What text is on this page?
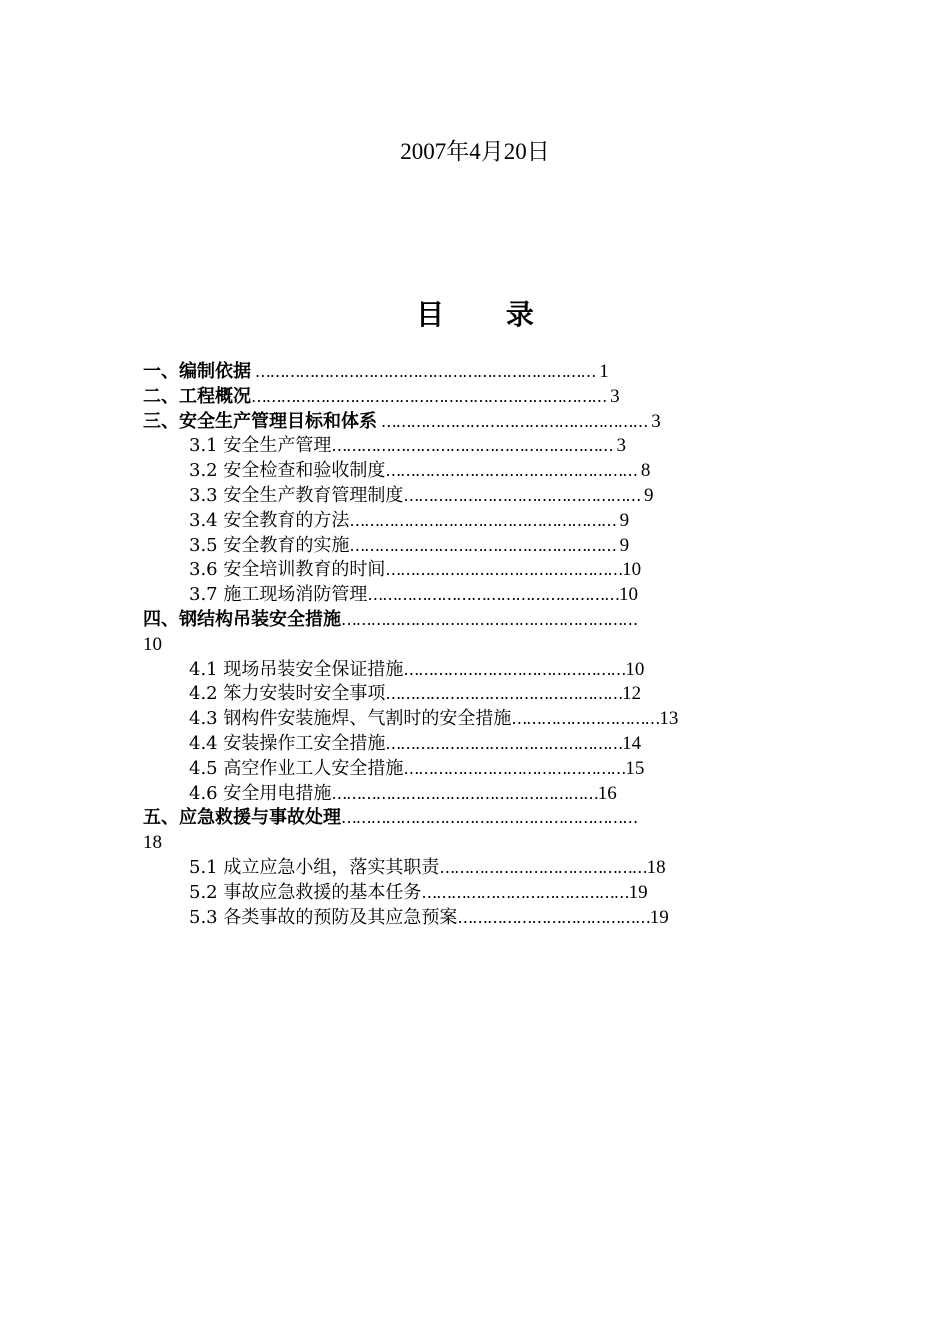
2007年4月20日
目 录
一、编制依据 …………………………………………………………… 1
二、工程概况……………………………………………………………… 3
三、安全生产管理目标和体系 ……………………………………………… 3
3.1 安全生产管理………………………………………………… 3
3.2 安全检查和验收制度…………………………………………… 8
3.3 安全生产教育管理制度………………………………………… 9
3.4 安全教育的方法……………………………………………… 9
3.5 安全教育的实施……………………………………………… 9
3.6 安全培训教育的时间…………………………………………10
3.7 施工现场消防管理……………………………………………10
四、钢结构吊装安全措施……………………………………………………
10
4.1 现场吊装安全保证措施………………………………………10
4.2 笨力安装时安全事项…………………………………………12
4.3 钢构件安装施焊、气割时的安全措施…………………………13
4.4 安装操作工安全措施…………………………………………14
4.5 高空作业工人安全措施………………………………………15
4.6 安全用电措施………………………………………………16
五、应急救援与事故处理……………………………………………………
18
5.1 成立应急小组，落实其职责……………………………………18
5.2 事故应急救援的基本任务……………………………………19
5.3 各类事故的预防及其应急预案…………………………………19
